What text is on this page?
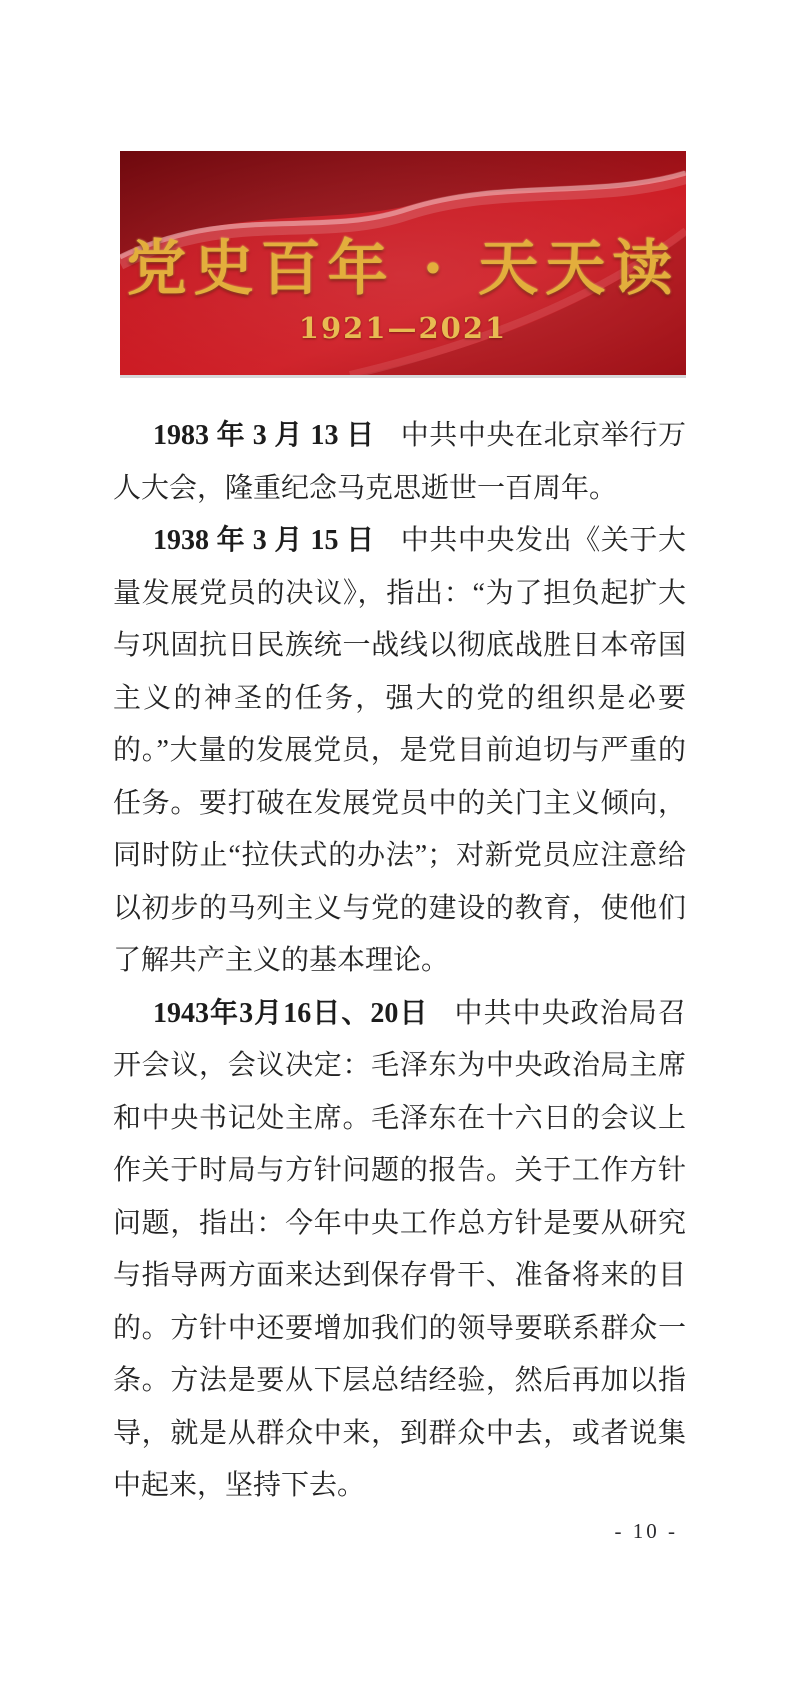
党史百年 · 天天读
1921—2021

1983 年 3 月 13 日 中共中央在北京举行万人大会，隆重纪念马克思逝世一百周年。

1938 年 3 月 15 日 中共中央发出《关于大量发展党员的决议》，指出：“为了担负起扩大与巩固抗日民族统一战线以彻底战胜日本帝国主义的神圣的任务，强大的党的组织是必要的。”大量的发展党员，是党目前迫切与严重的任务。要打破在发展党员中的关门主义倾向，同时防止“拉伕式的办法”；对新党员应注意给以初步的马列主义与党的建设的教育，使他们了解共产主义的基本理论。

1943年3月16日、20日 中共中央政治局召开会议，会议决定：毛泽东为中央政治局主席和中央书记处主席。毛泽东在十六日的会议上作关于时局与方针问题的报告。关于工作方针问题，指出：今年中央工作总方针是要从研究与指导两方面来达到保存骨干、准备将来的目的。方针中还要增加我们的领导要联系群众一条。方法是要从下层总结经验，然后再加以指导，就是从群众中来，到群众中去，或者说集中起来，坚持下去。

- 10 -
